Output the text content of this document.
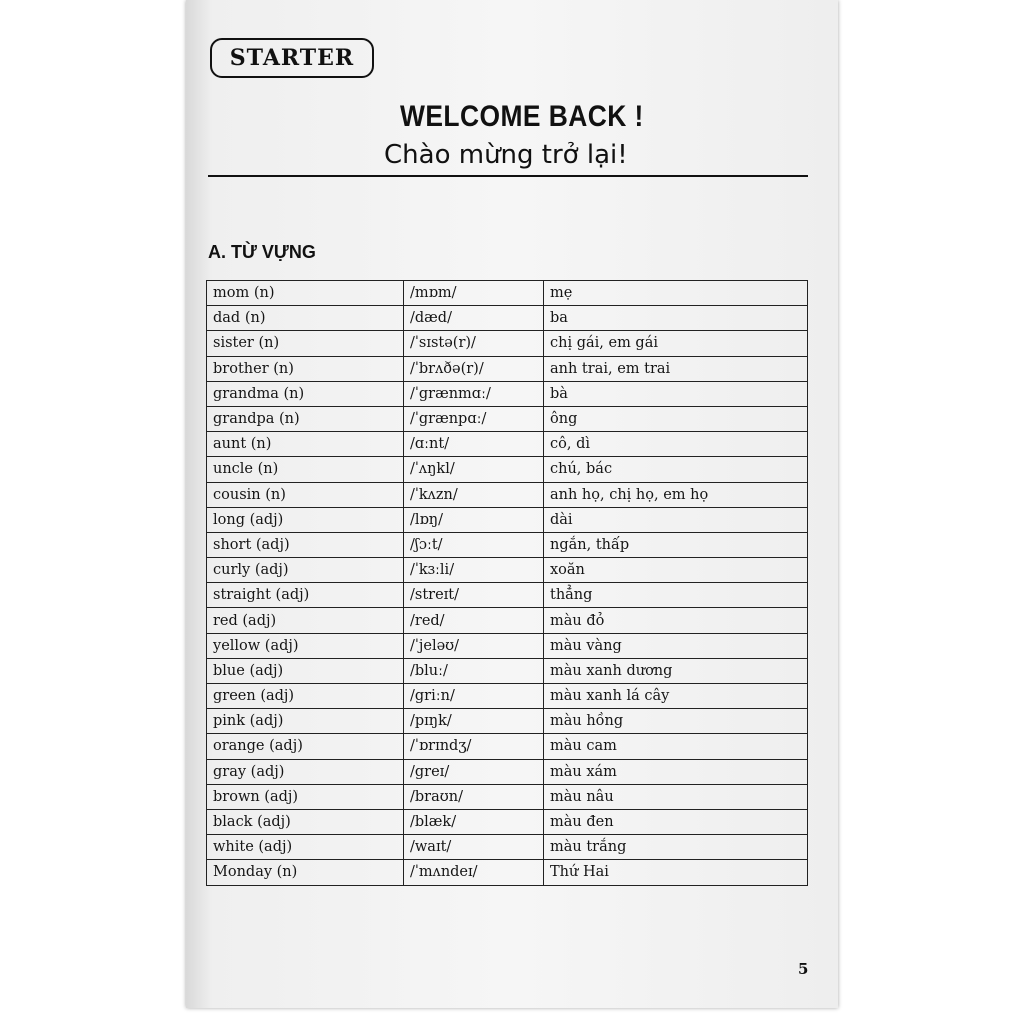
STARTER
WELCOME BACK !
Chào mừng trở lại!
A. TỪ VỰNG
mom (n)	/mɒm/	mẹ
dad (n)	/dæd/	ba
sister (n)	/ˈsɪstə(r)/	chị gái, em gái
brother (n)	/ˈbrʌðə(r)/	anh trai, em trai
grandma (n)	/ˈgrænmɑː/	bà
grandpa (n)	/ˈgrænpɑː/	ông
aunt (n)	/ɑːnt/	cô, dì
uncle (n)	/ˈʌŋkl/	chú, bác
cousin (n)	/ˈkʌzn/	anh họ, chị họ, em họ
long (adj)	/lɒŋ/	dài
short (adj)	/ʃɔːt/	ngắn, thấp
curly (adj)	/ˈkɜːli/	xoăn
straight (adj)	/streɪt/	thẳng
red (adj)	/red/	màu đỏ
yellow (adj)	/ˈjeləʊ/	màu vàng
blue (adj)	/bluː/	màu xanh dương
green (adj)	/griːn/	màu xanh lá cây
pink (adj)	/pɪŋk/	màu hồng
orange (adj)	/ˈɒrɪndʒ/	màu cam
gray (adj)	/greɪ/	màu xám
brown (adj)	/braʊn/	màu nâu
black (adj)	/blæk/	màu đen
white (adj)	/waɪt/	màu trắng
Monday (n)	/ˈmʌndeɪ/	Thứ Hai
5
